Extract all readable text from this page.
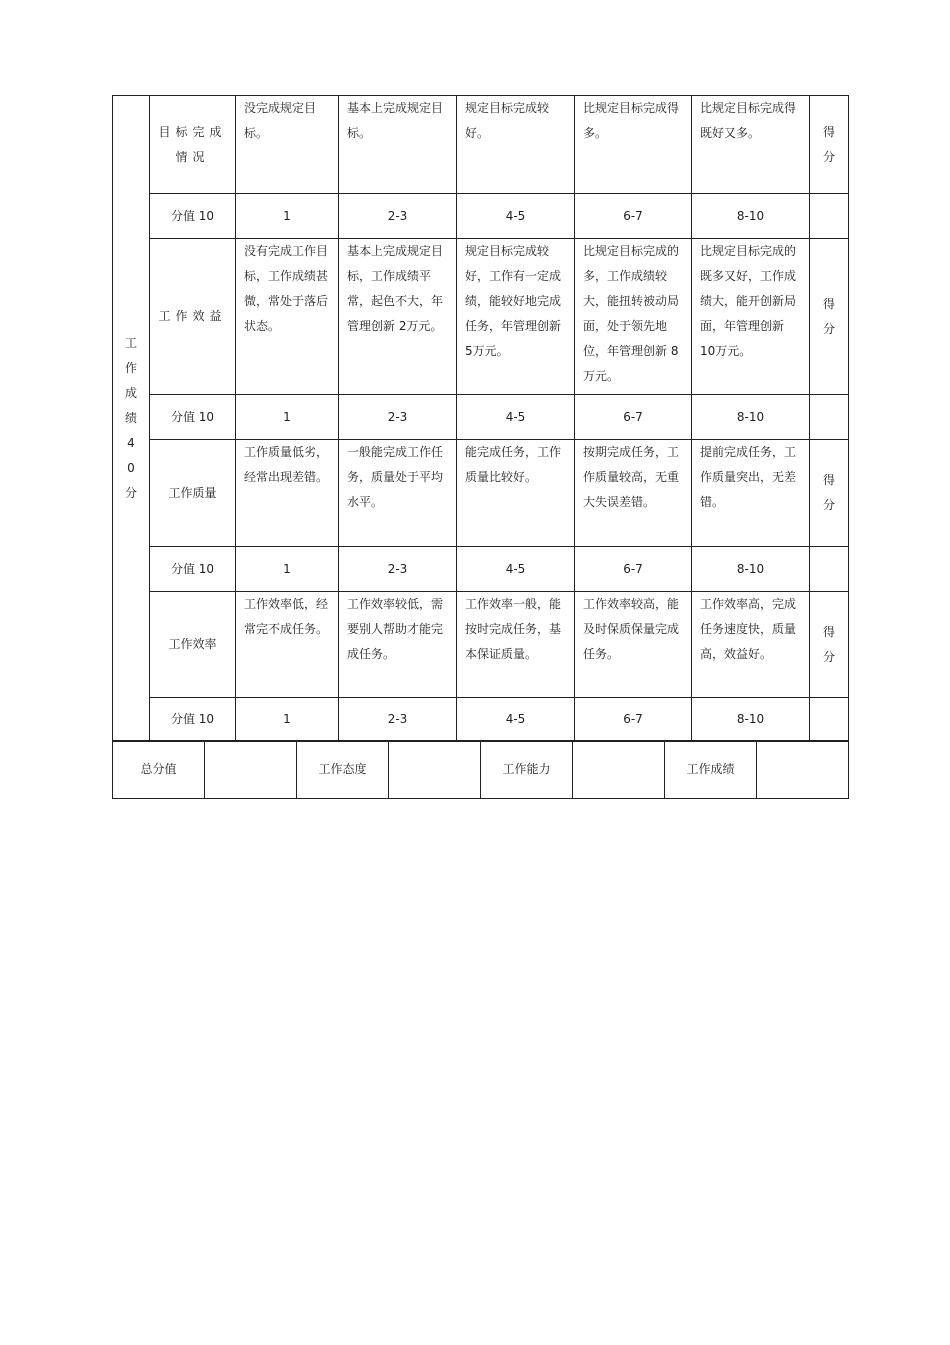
工作成绩40分	目标完成情况	没完成规定目标。	基本上完成规定目标。	规定目标完成较好。	比规定目标完成得多。	比规定目标完成得既好又多。	得分

	分值 10	1	2-3	4-5	6-7	8-10	
	工作效益	没有完成工作目标，工作成绩甚微，常处于落后状态。	基本上完成规定目标，工作成绩平常，起色不大，年管理创新 2万元。	规定目标完成较好，工作有一定成绩，能较好地完成任务，年管理创新 5万元。	比规定目标完成的多，工作成绩较大，能扭转被动局面，处于领先地位，年管理创新 8万元。	比规定目标完成的既多又好，工作成绩大，能开创新局面，年管理创新 10万元。	得分

	分值 10	1	2-3	4-5	6-7	8-10	
	工作质量	工作质量低劣，经常出现差错。	一般能完成工作任务，质量处于平均水平。	能完成任务，工作质量比较好。	按期完成任务，工作质量较高，无重大失误差错。	提前完成任务，工作质量突出，无差错。	得分

	分值 10	1	2-3	4-5	6-7	8-10	
	工作效率	工作效率低，经常完不成任务。	工作效率较低，需要别人帮助才能完成任务。	工作效率一般，能按时完成任务，基本保证质量。	工作效率较高，能及时保质保量完成任务。	工作效率高，完成任务速度快，质量高，效益好。	得分

	分值 10	1	2-3	4-5	6-7	8-10	
总分值		工作态度		工作能力		工作成绩	
